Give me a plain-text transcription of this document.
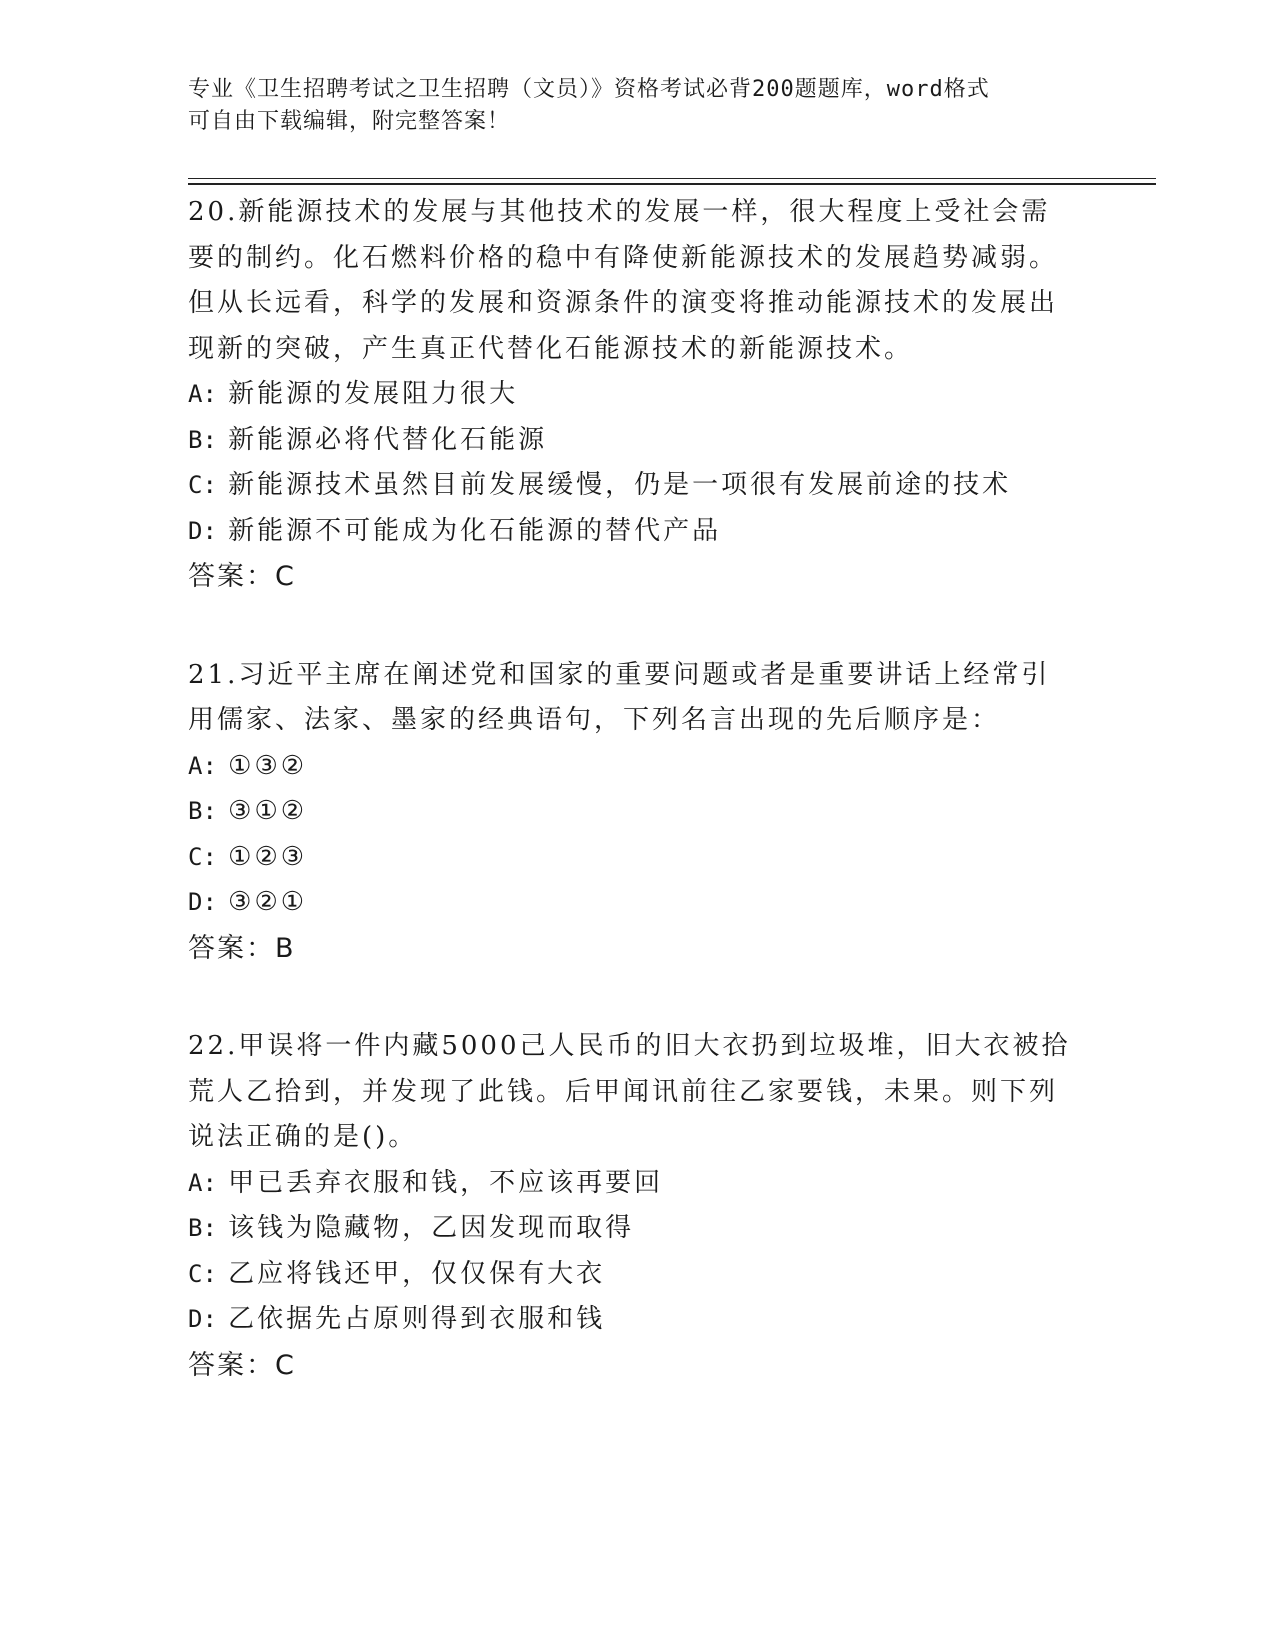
专业《卫生招聘考试之卫生招聘（文员）》资格考试必背200题题库，word格式
可自由下载编辑，附完整答案！
20.新能源技术的发展与其他技术的发展一样，很大程度上受社会需要的制约。化石燃料价格的稳中有降使新能源技术的发展趋势减弱。但从长远看，科学的发展和资源条件的演变将推动能源技术的发展出现新的突破，产生真正代替化石能源技术的新能源技术。
A: 新能源的发展阻力很大
B: 新能源必将代替化石能源
C: 新能源技术虽然目前发展缓慢，仍是一项很有发展前途的技术
D: 新能源不可能成为化石能源的替代产品
答案：C
21.习近平主席在阐述党和国家的重要问题或者是重要讲话上经常引用儒家、法家、墨家的经典语句，下列名言出现的先后顺序是：
A: ①③②
B: ③①②
C: ①②③
D: ③②①
答案：B
22.甲误将一件内藏5000己人民币的旧大衣扔到垃圾堆，旧大衣被拾荒人乙拾到，并发现了此钱。后甲闻讯前往乙家要钱，未果。则下列说法正确的是()。
A: 甲已丢弃衣服和钱，不应该再要回
B: 该钱为隐藏物，乙因发现而取得
C: 乙应将钱还甲，仅仅保有大衣
D: 乙依据先占原则得到衣服和钱
答案：C
